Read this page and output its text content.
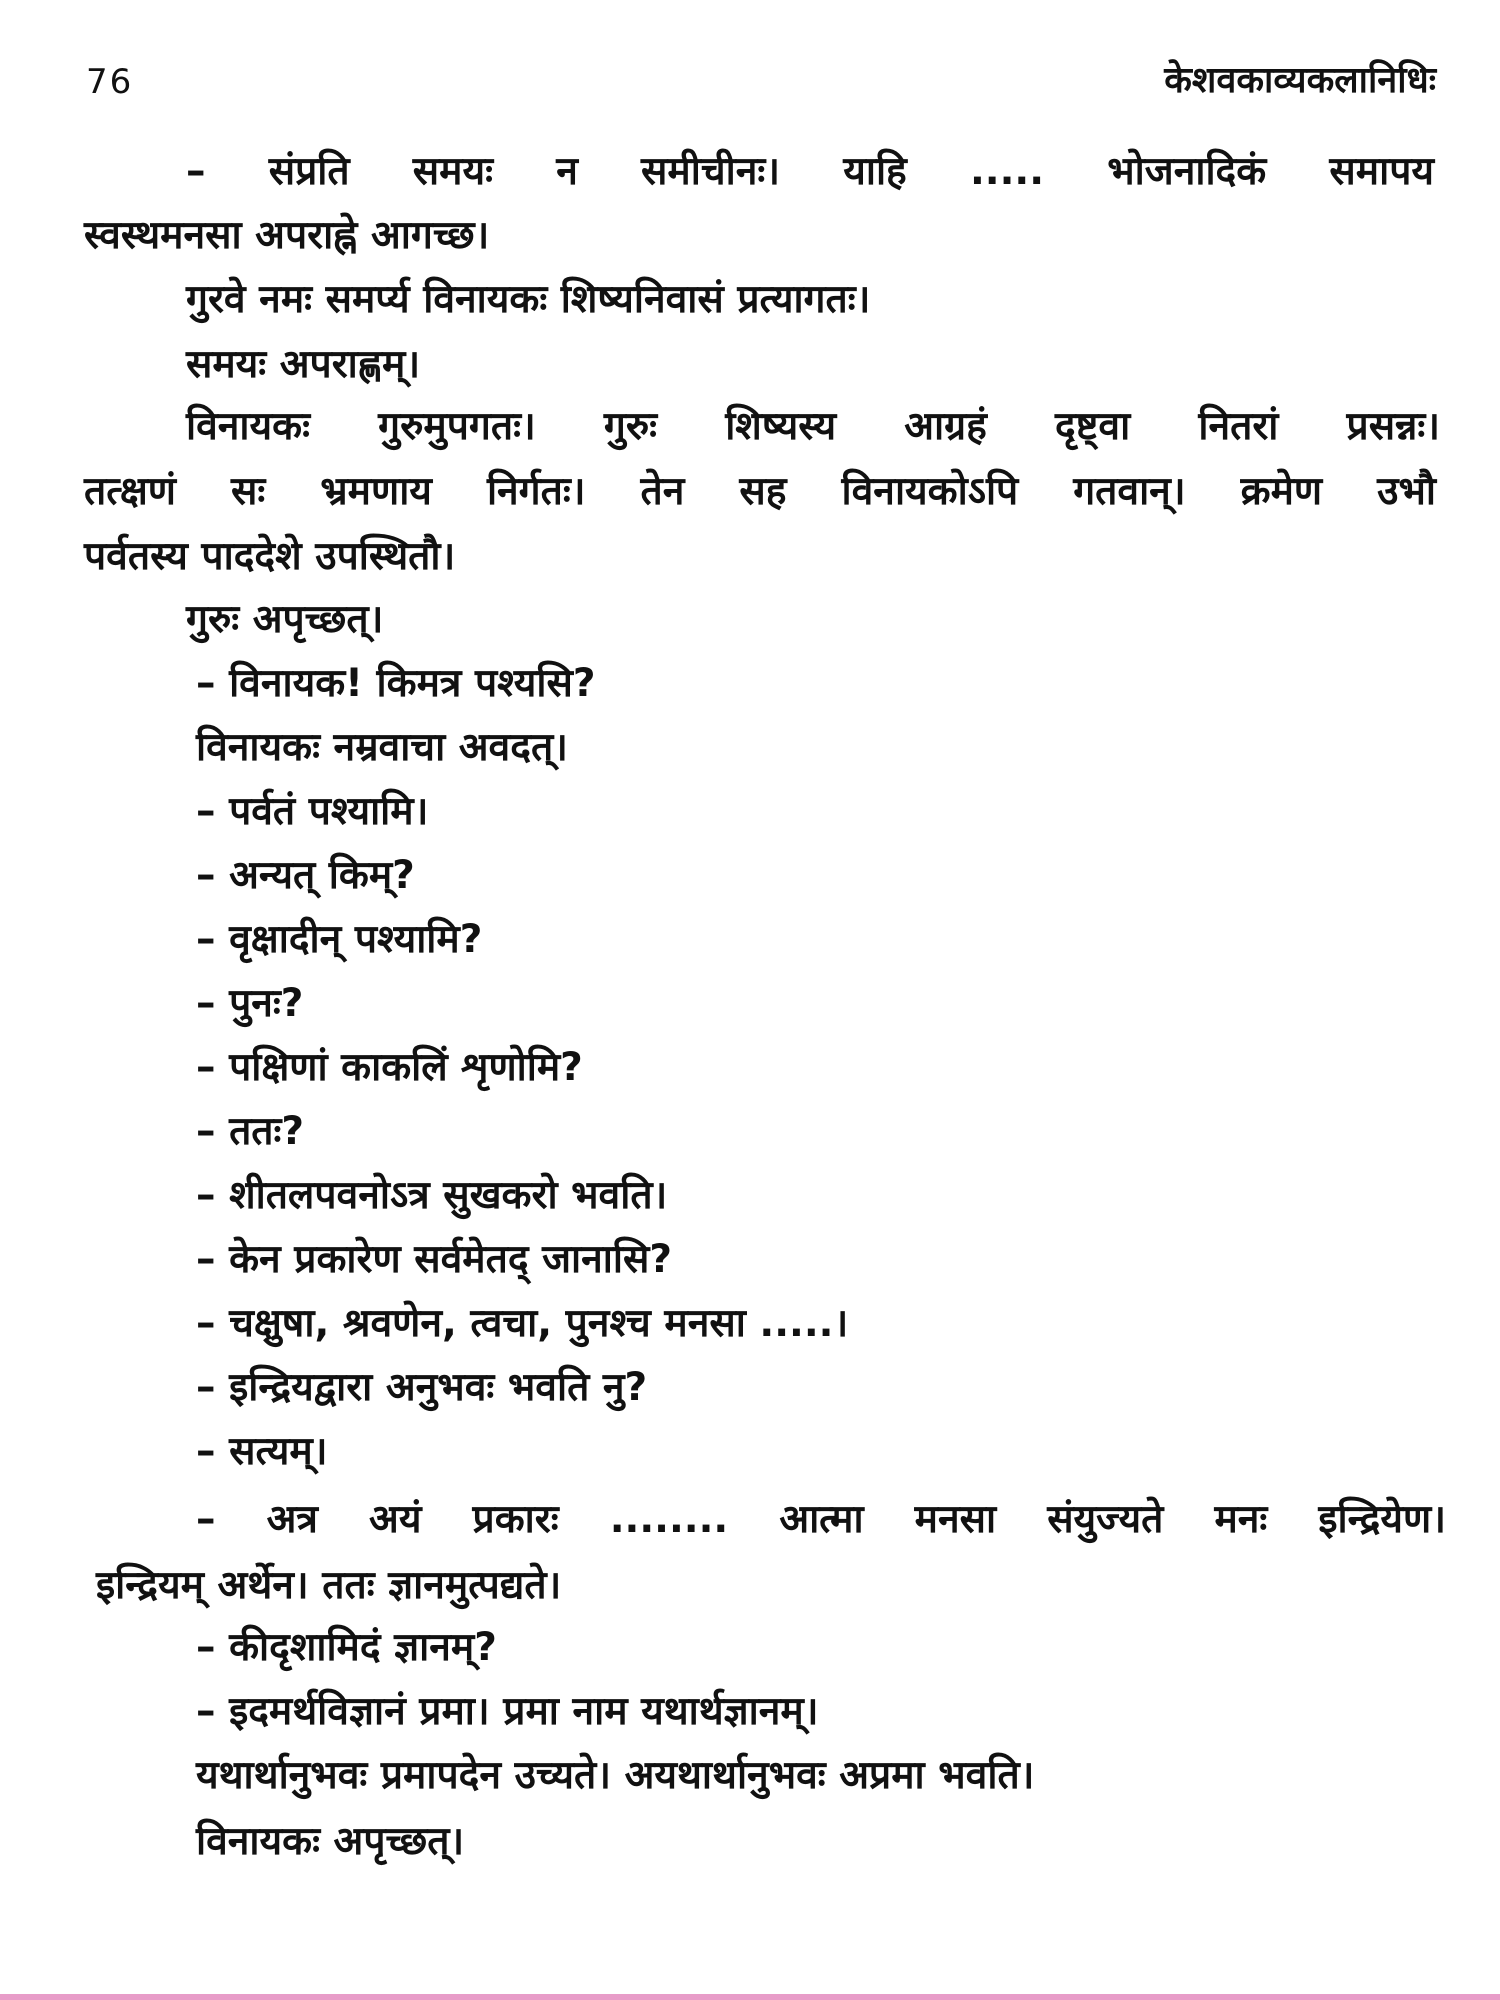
76	केशवकाव्यकलानिधिः
– संप्रति समयः न समीचीनः। याहि ..... भोजनादिकं समापय
स्वस्थमनसा अपराह्ने आगच्छ।
गुरवे नमः समर्प्य विनायकः शिष्यनिवासं प्रत्यागतः।
समयः अपराह्णम्।
विनायकः गुरुमुपगतः। गुरुः शिष्यस्य आग्रहं दृष्ट्वा नितरां प्रसन्नः।
तत्क्षणं सः भ्रमणाय निर्गतः। तेन सह विनायकोऽपि गतवान्। क्रमेण उभौ
पर्वतस्य पाददेशे उपस्थितौ।
गुरुः अपृच्छत्।
– विनायक! किमत्र पश्यसि?
विनायकः नम्रवाचा अवदत्।
– पर्वतं पश्यामि।
– अन्यत् किम्?
– वृक्षादीन् पश्यामि?
– पुनः?
– पक्षिणां काकलिं शृणोमि?
– ततः?
– शीतलपवनोऽत्र सुखकरो भवति।
– केन प्रकारेण सर्वमेतद् जानासि?
– चक्षुषा, श्रवणेन, त्वचा, पुनश्च मनसा .....।
– इन्द्रियद्वारा अनुभवः भवति नु?
– सत्यम्।
– अत्र अयं प्रकारः ........ आत्मा मनसा संयुज्यते मनः इन्द्रियेण।
इन्द्रियम् अर्थेन। ततः ज्ञानमुत्पद्यते।
– कीदृशामिदं ज्ञानम्?
– इदमर्थविज्ञानं प्रमा। प्रमा नाम यथार्थज्ञानम्।
यथार्थानुभवः प्रमापदेन उच्यते। अयथार्थानुभवः अप्रमा भवति।
विनायकः अपृच्छत्।
